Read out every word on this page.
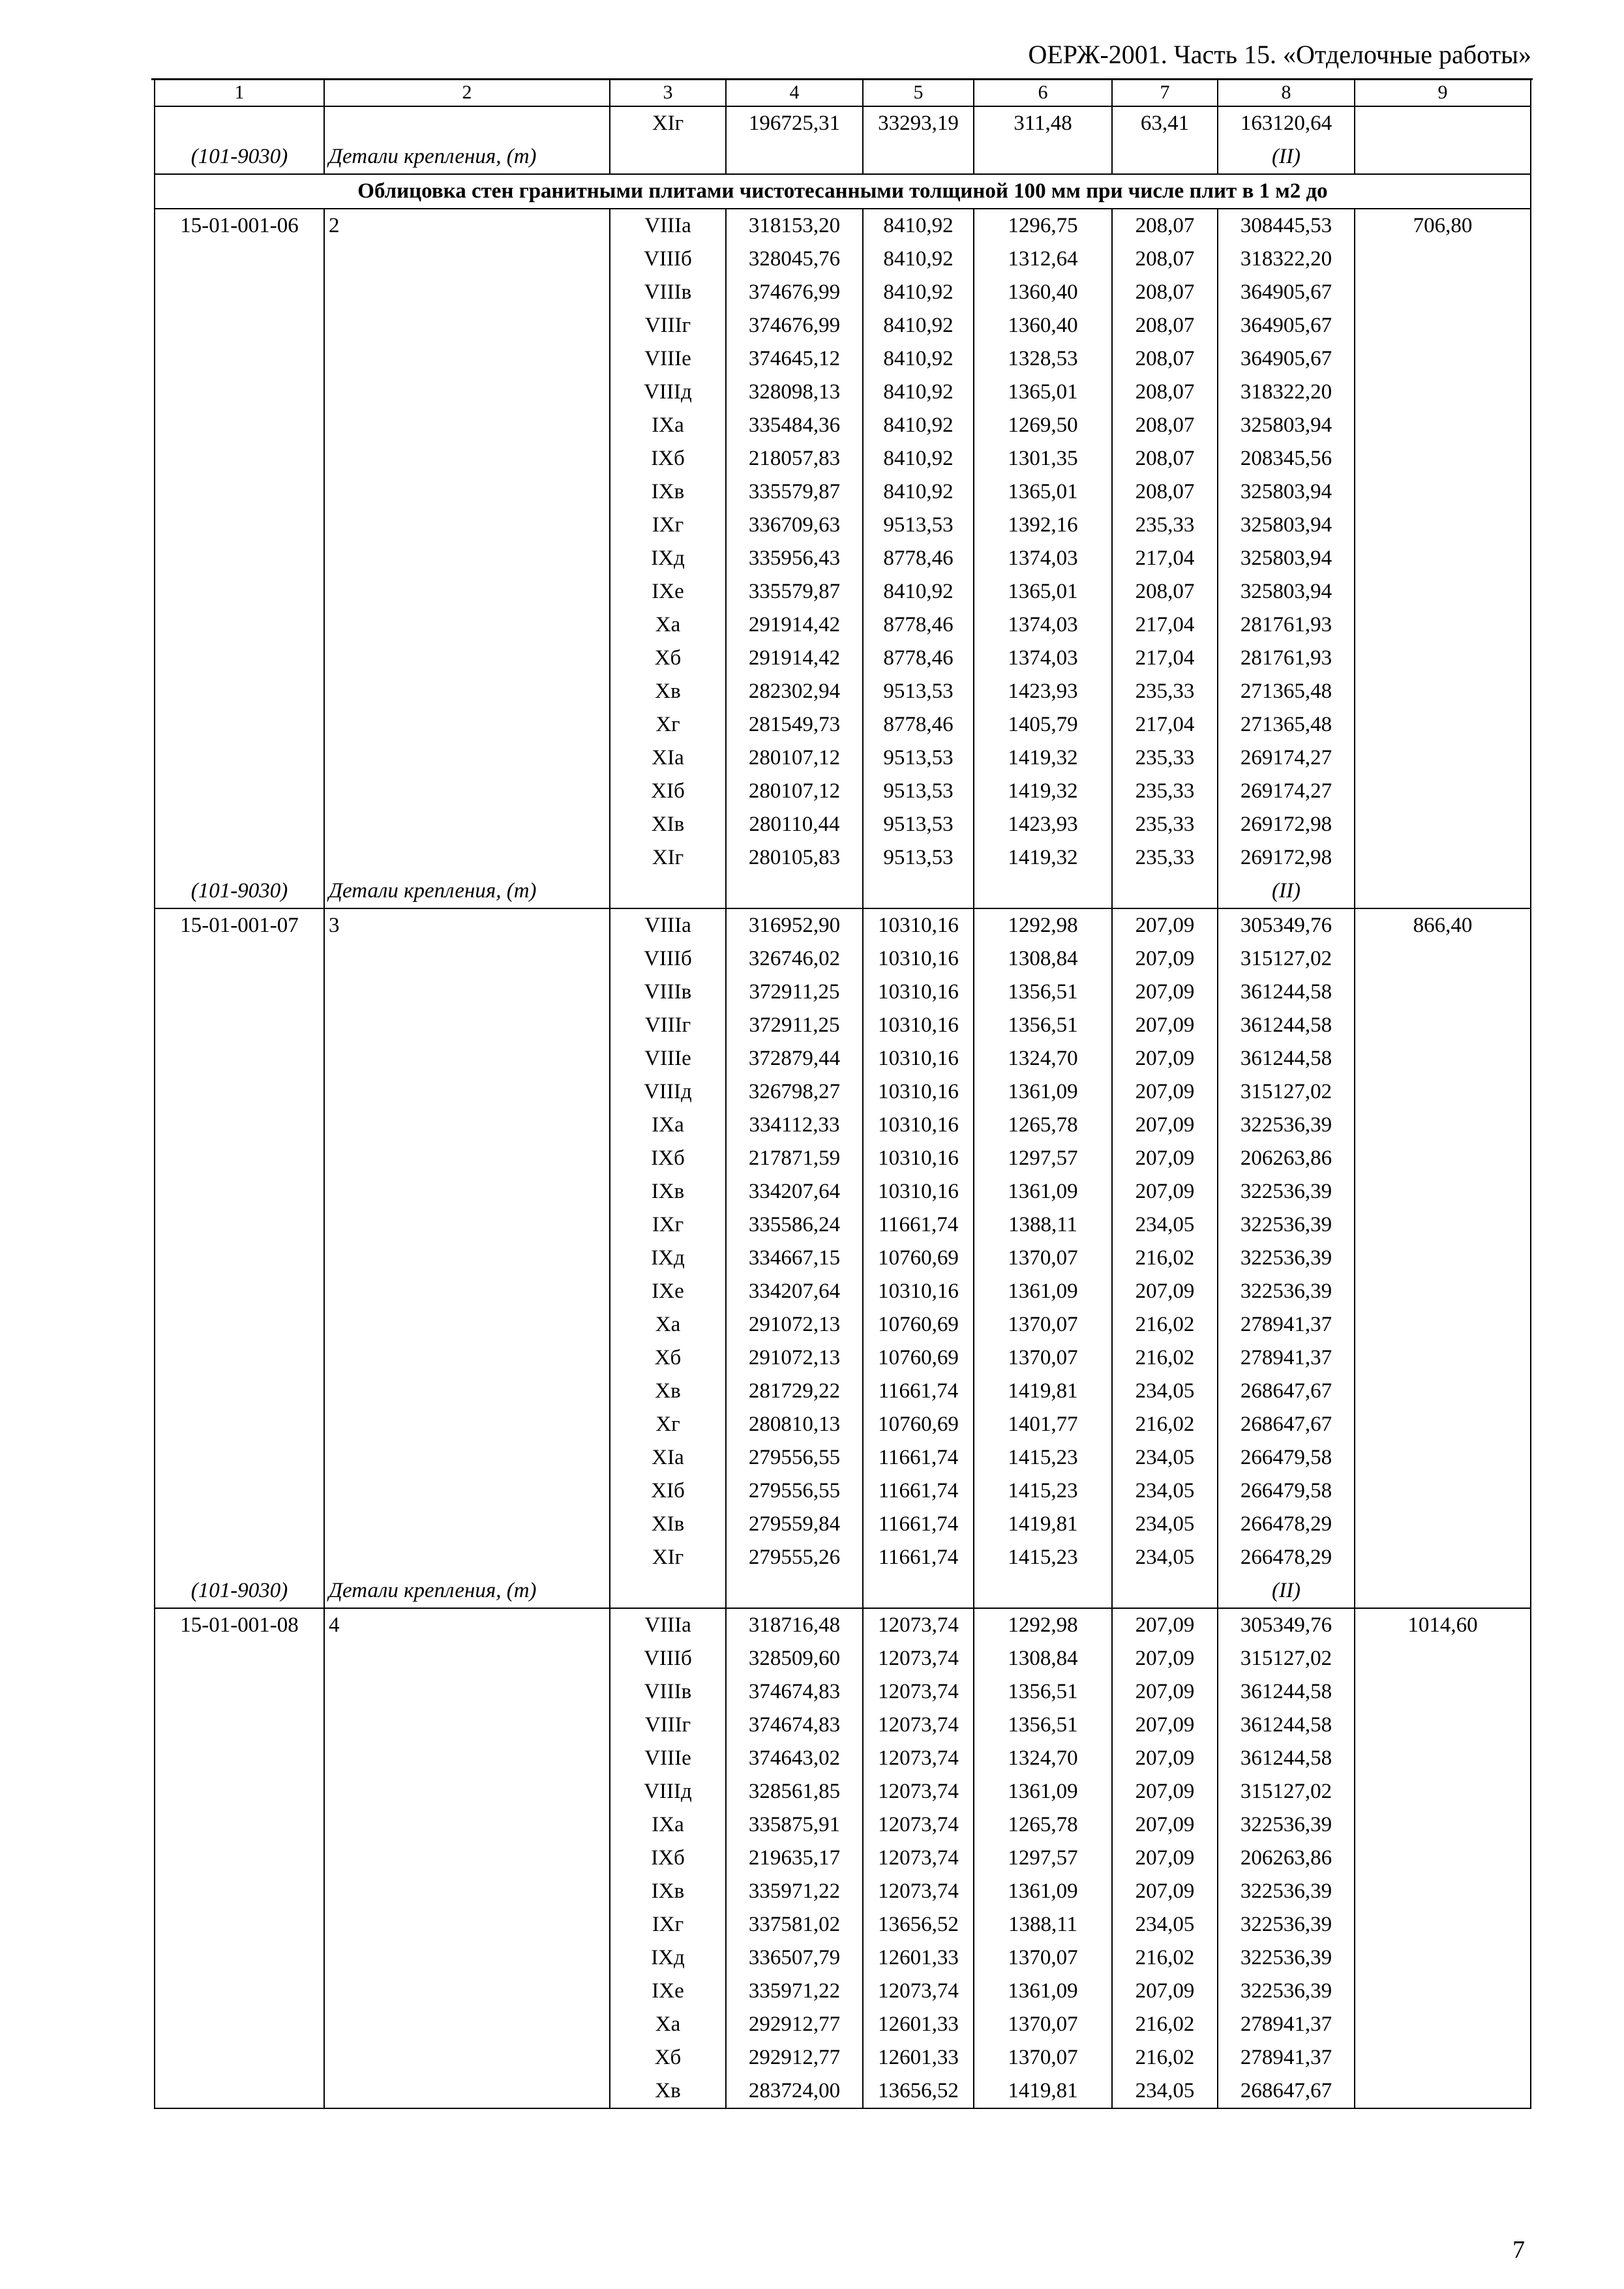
ОЕРЖ-2001. Часть 15. «Отделочные работы»
1	2	3	4	5	6	7	8	9
		XIг	196725,31	33293,19	311,48	63,41	163120,64	
(101-9030)	Детали крепления, (т)						(II)	
Облицовка стен гранитными плитами чистотесанными толщиной 100 мм при числе плит в 1 м2 до								
15-01-001-06	2	VIIIа	318153,20	8410,92	1296,75	208,07	308445,53	706,80
		VIIIб	328045,76	8410,92	1312,64	208,07	318322,20	
		VIIIв	374676,99	8410,92	1360,40	208,07	364905,67	
		VIIIг	374676,99	8410,92	1360,40	208,07	364905,67	
		VIIIе	374645,12	8410,92	1328,53	208,07	364905,67	
		VIIIд	328098,13	8410,92	1365,01	208,07	318322,20	
		IXа	335484,36	8410,92	1269,50	208,07	325803,94	
		IXб	218057,83	8410,92	1301,35	208,07	208345,56	
		IXв	335579,87	8410,92	1365,01	208,07	325803,94	
		IXг	336709,63	9513,53	1392,16	235,33	325803,94	
		IXд	335956,43	8778,46	1374,03	217,04	325803,94	
		IXе	335579,87	8410,92	1365,01	208,07	325803,94	
		Xа	291914,42	8778,46	1374,03	217,04	281761,93	
		Xб	291914,42	8778,46	1374,03	217,04	281761,93	
		Xв	282302,94	9513,53	1423,93	235,33	271365,48	
		Xг	281549,73	8778,46	1405,79	217,04	271365,48	
		XIа	280107,12	9513,53	1419,32	235,33	269174,27	
		XIб	280107,12	9513,53	1419,32	235,33	269174,27	
		XIв	280110,44	9513,53	1423,93	235,33	269172,98	
		XIг	280105,83	9513,53	1419,32	235,33	269172,98	
(101-9030)	Детали крепления, (т)						(II)	
15-01-001-07	3	VIIIа	316952,90	10310,16	1292,98	207,09	305349,76	866,40
		VIIIб	326746,02	10310,16	1308,84	207,09	315127,02	
		VIIIв	372911,25	10310,16	1356,51	207,09	361244,58	
		VIIIг	372911,25	10310,16	1356,51	207,09	361244,58	
		VIIIе	372879,44	10310,16	1324,70	207,09	361244,58	
		VIIIд	326798,27	10310,16	1361,09	207,09	315127,02	
		IXа	334112,33	10310,16	1265,78	207,09	322536,39	
		IXб	217871,59	10310,16	1297,57	207,09	206263,86	
		IXв	334207,64	10310,16	1361,09	207,09	322536,39	
		IXг	335586,24	11661,74	1388,11	234,05	322536,39	
		IXд	334667,15	10760,69	1370,07	216,02	322536,39	
		IXе	334207,64	10310,16	1361,09	207,09	322536,39	
		Xа	291072,13	10760,69	1370,07	216,02	278941,37	
		Xб	291072,13	10760,69	1370,07	216,02	278941,37	
		Xв	281729,22	11661,74	1419,81	234,05	268647,67	
		Xг	280810,13	10760,69	1401,77	216,02	268647,67	
		XIа	279556,55	11661,74	1415,23	234,05	266479,58	
		XIб	279556,55	11661,74	1415,23	234,05	266479,58	
		XIв	279559,84	11661,74	1419,81	234,05	266478,29	
		XIг	279555,26	11661,74	1415,23	234,05	266478,29	
(101-9030)	Детали крепления, (т)						(II)	
15-01-001-08	4	VIIIа	318716,48	12073,74	1292,98	207,09	305349,76	1014,60
		VIIIб	328509,60	12073,74	1308,84	207,09	315127,02	
		VIIIв	374674,83	12073,74	1356,51	207,09	361244,58	
		VIIIг	374674,83	12073,74	1356,51	207,09	361244,58	
		VIIIе	374643,02	12073,74	1324,70	207,09	361244,58	
		VIIIд	328561,85	12073,74	1361,09	207,09	315127,02	
		IXа	335875,91	12073,74	1265,78	207,09	322536,39	
		IXб	219635,17	12073,74	1297,57	207,09	206263,86	
		IXв	335971,22	12073,74	1361,09	207,09	322536,39	
		IXг	337581,02	13656,52	1388,11	234,05	322536,39	
		IXд	336507,79	12601,33	1370,07	216,02	322536,39	
		IXе	335971,22	12073,74	1361,09	207,09	322536,39	
		Xа	292912,77	12601,33	1370,07	216,02	278941,37	
		Xб	292912,77	12601,33	1370,07	216,02	278941,37	
		Xв	283724,00	13656,52	1419,81	234,05	268647,67	
7
